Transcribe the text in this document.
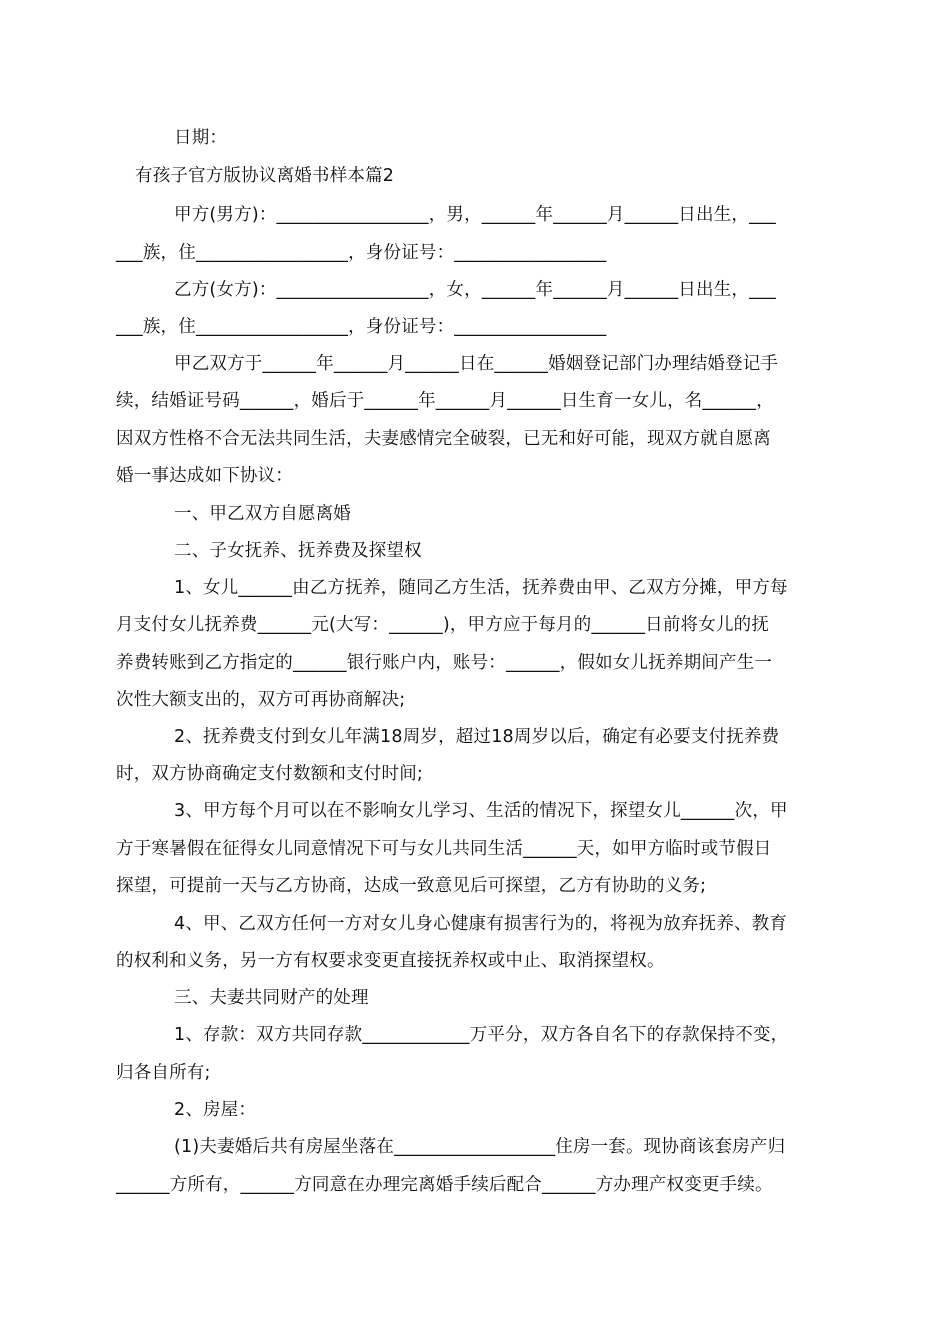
日期：
有孩子官方版协议离婚书样本篇2
甲方(男方)：_________________，男，______年______月______日出生，___
___族，住_________________，身份证号：_________________
乙方(女方)：_________________，女，______年______月______日出生，___
___族，住_________________，身份证号：_________________
甲乙双方于______年______月______日在______婚姻登记部门办理结婚登记手
续，结婚证号码______，婚后于______年______月______日生育一女儿，名______，
因双方性格不合无法共同生活，夫妻感情完全破裂，已无和好可能，现双方就自愿离
婚一事达成如下协议：
一、甲乙双方自愿离婚
二、子女抚养、抚养费及探望权
1、女儿______由乙方抚养，随同乙方生活，抚养费由甲、乙双方分摊，甲方每
月支付女儿抚养费______元(大写：______)，甲方应于每月的______日前将女儿的抚
养费转账到乙方指定的______银行账户内，账号：______，假如女儿抚养期间产生一
次性大额支出的，双方可再协商解决;
2、抚养费支付到女儿年满18周岁，超过18周岁以后，确定有必要支付抚养费
时，双方协商确定支付数额和支付时间;
3、甲方每个月可以在不影响女儿学习、生活的情况下，探望女儿______次，甲
方于寒暑假在征得女儿同意情况下可与女儿共同生活______天，如甲方临时或节假日
探望，可提前一天与乙方协商，达成一致意见后可探望，乙方有协助的义务;
4、甲、乙双方任何一方对女儿身心健康有损害行为的，将视为放弃抚养、教育
的权利和义务，另一方有权要求变更直接抚养权或中止、取消探望权。
三、夫妻共同财产的处理
1、存款：双方共同存款____________万平分，双方各自名下的存款保持不变，
归各自所有;
2、房屋：
(1)夫妻婚后共有房屋坐落在__________________住房一套。现协商该套房产归
______方所有，______方同意在办理完离婚手续后配合______方办理产权变更手续。
